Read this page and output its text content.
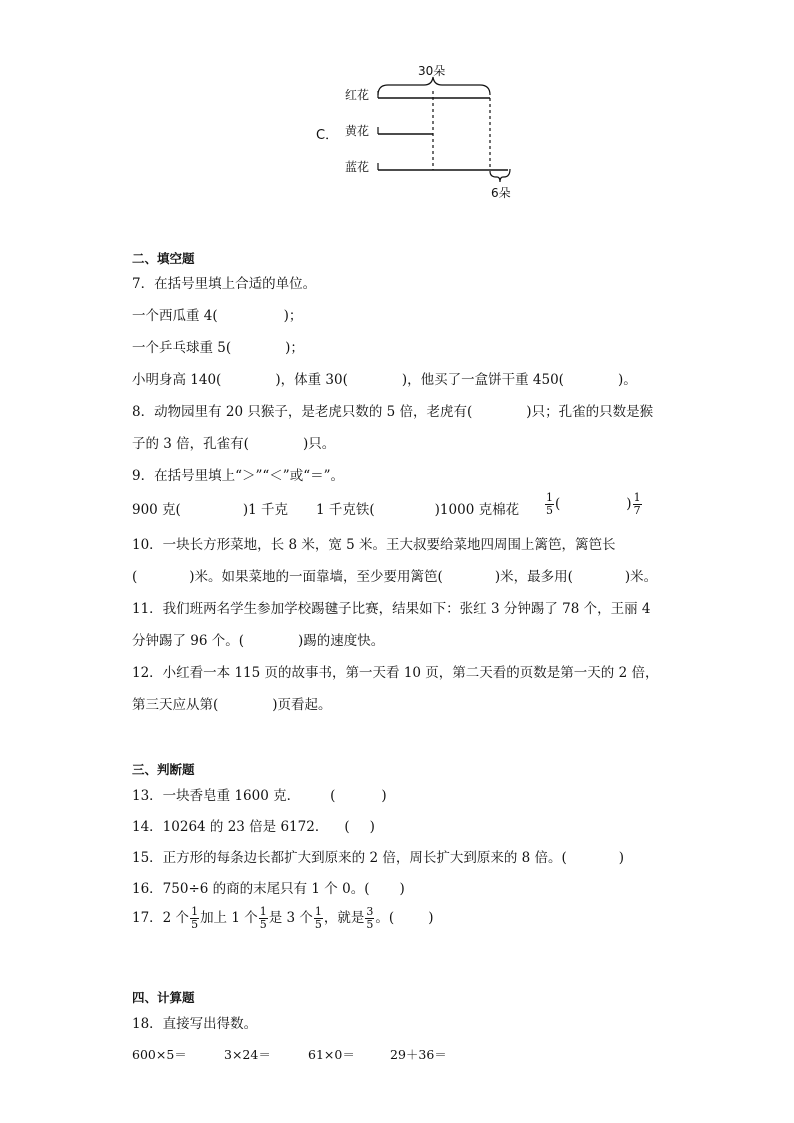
C．
红花
黄花
蓝花
30朵
6朵
二、填空题
7．在括号里填上合适的单位。
一个西瓜重 4(	)；
一个乒乓球重 5(	)；
小明身高 140(	)，体重 30(	)，他买了一盒饼干重 450(	)。
8．动物园里有 20 只猴子，是老虎只数的 5 倍，老虎有(	)只；孔雀的只数是猴
子的 3 倍，孔雀有(	)只。
9．在括号里填上“＞”“＜”或“＝”。
900 克(	)1 千克 1 千克铁(	)1000 克棉花 $\frac{1}{5}$ (	) $\frac{1}{7}$
10．一块长方形菜地，长 8 米，宽 5 米。王大叔要给菜地四周围上篱笆，篱笆长
(	)米。如果菜地的一面靠墙，至少要用篱笆(	)米，最多用(	)米。
11．我们班两名学生参加学校踢毽子比赛，结果如下：张红 3 分钟踢了 78 个，王丽 4
分钟踢了 96 个。(	)踢的速度快。
12．小红看一本 115 页的故事书，第一天看 10 页，第二天看的页数是第一天的 2 倍，
第三天应从第(	)页看起。
三、判断题
13．一块香皂重 1600 克． (	)
14．10264 的 23 倍是 6172． ( )
15．正方形的每条边长都扩大到原来的 2 倍，周长扩大到原来的 8 倍。(	)
16．750÷6 的商的末尾只有 1 个 0。( )
17．2 个 $\frac{1}{5}$ 加上 1 个 $\frac{1}{5}$ 是 3 个 $\frac{1}{5}$ ，就是 $\frac{3}{5}$ 。(	)
四、计算题
18．直接写出得数。
600×5＝	3×24＝	61×0＝	29＋36＝
